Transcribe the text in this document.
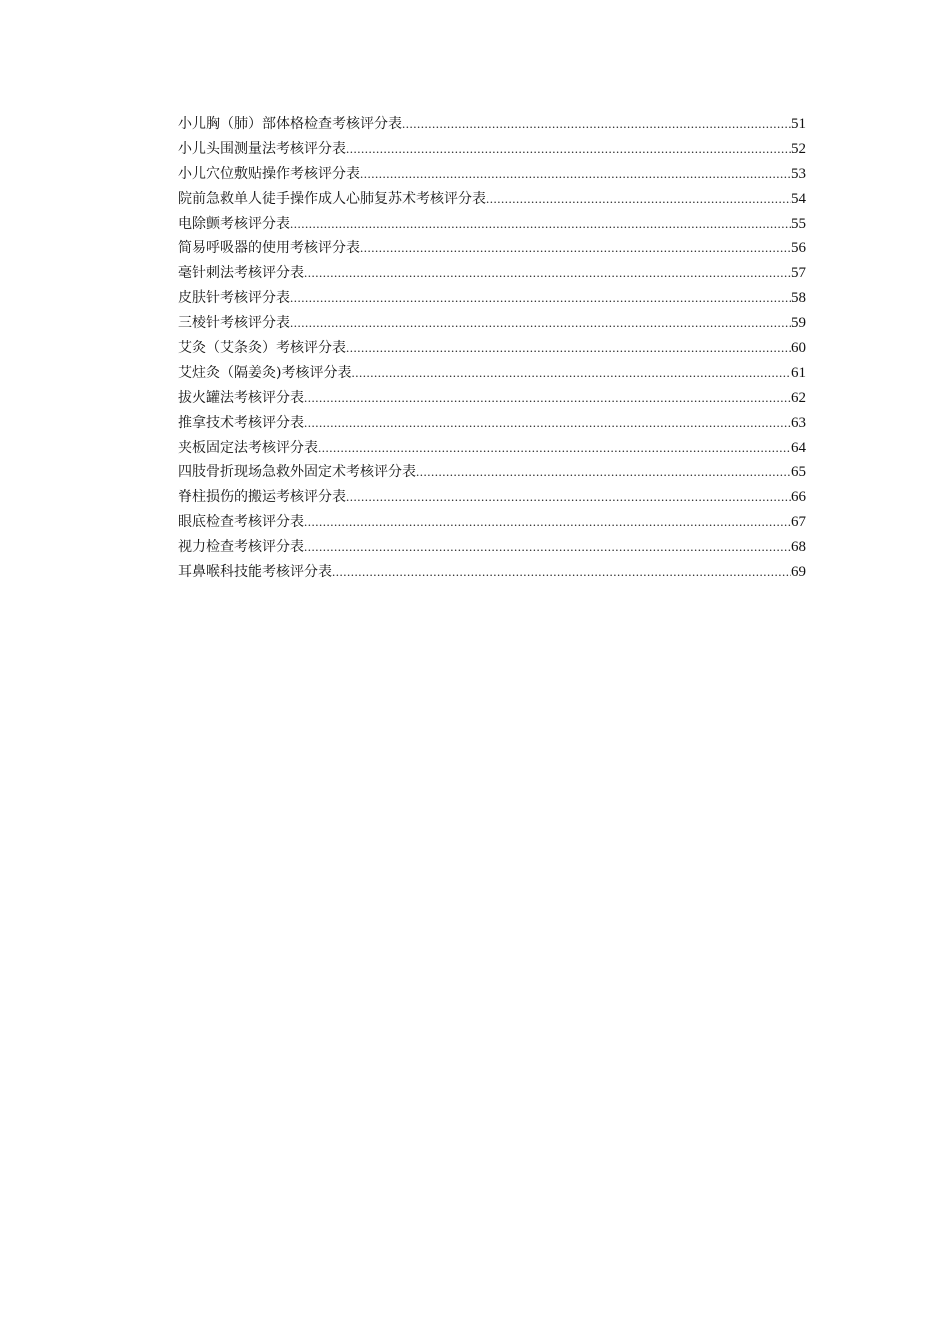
小儿胸（肺）部体格检查考核评分表 .....	51
小儿头围测量法考核评分表 .....	52
小儿穴位敷贴操作考核评分表 .....	53
院前急救单人徒手操作成人心肺复苏术考核评分表 .....	54
电除颤考核评分表 .....	55
简易呼吸器的使用考核评分表 .....	56
毫针刺法考核评分表 .....	57
皮肤针考核评分表 .....	58
三棱针考核评分表 .....	59
艾灸（艾条灸）考核评分表 .....	60
艾炷灸（隔姜灸)考核评分表 .....	61
拔火罐法考核评分表 .....	62
推拿技术考核评分表 .....	63
夹板固定法考核评分表 .....	64
四肢骨折现场急救外固定术考核评分表 .....	65
脊柱损伤的搬运考核评分表 .....	66
眼底检查考核评分表 .....	67
视力检查考核评分表 .....	68
耳鼻喉科技能考核评分表 .....	69
